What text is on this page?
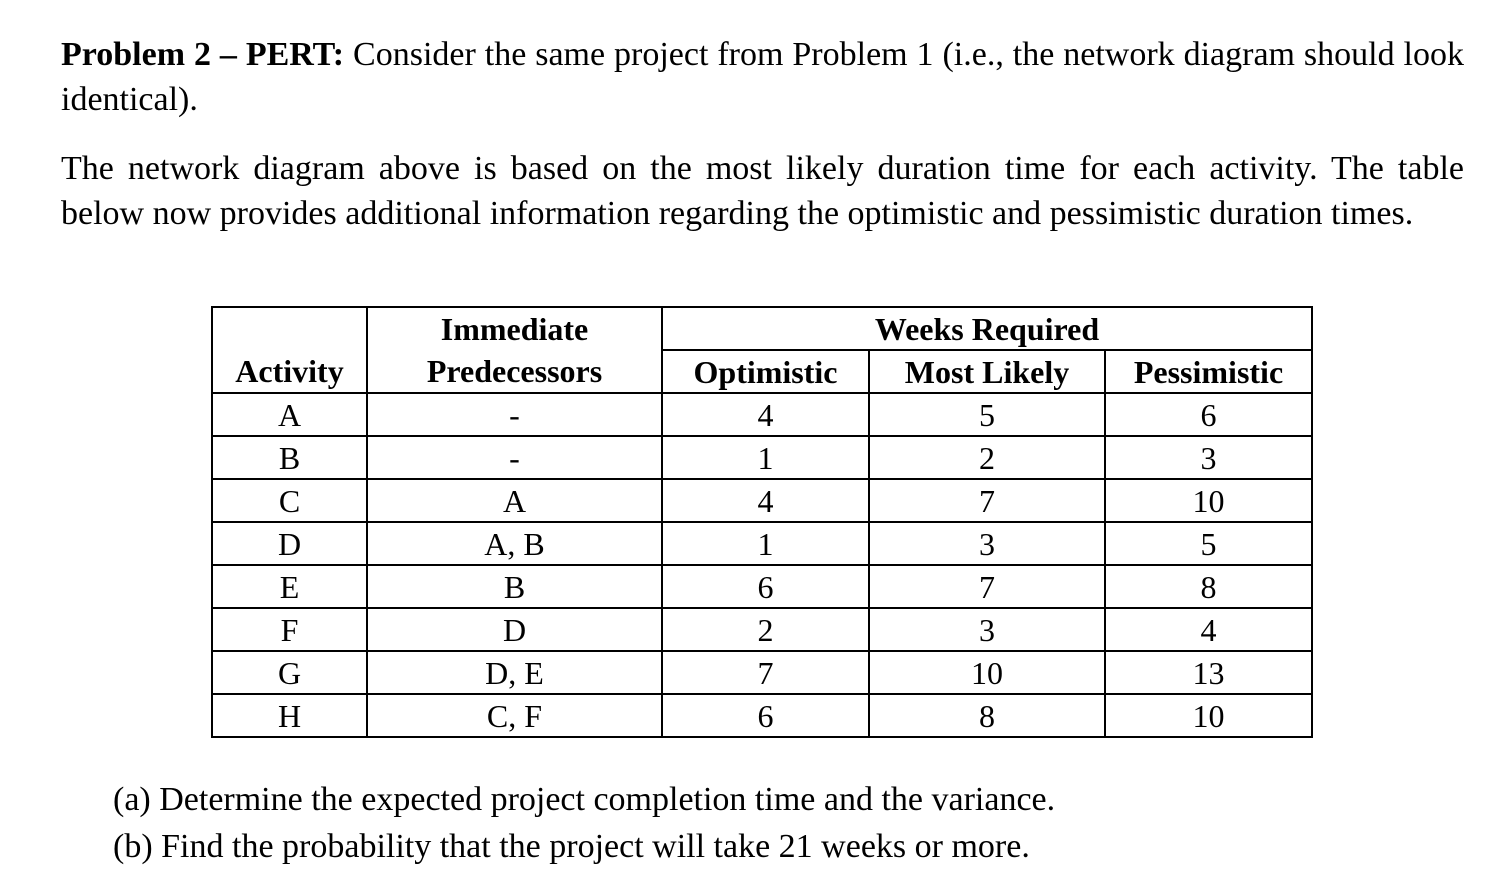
Problem 2 – PERT: Consider the same project from Problem 1 (i.e., the network diagram should look identical).
The network diagram above is based on the most likely duration time for each activity. The table below now provides additional information regarding the optimistic and pessimistic duration times.
	Immediate	Weeks Required		
Activity	Predecessors	Optimistic	Most Likely	Pessimistic
A	-	4	5	6
B	-	1	2	3
C	A	4	7	10
D	A, B	1	3	5
E	B	6	7	8
F	D	2	3	4
G	D, E	7	10	13
H	C, F	6	8	10
(a) Determine the expected project completion time and the variance.
(b) Find the probability that the project will take 21 weeks or more.
